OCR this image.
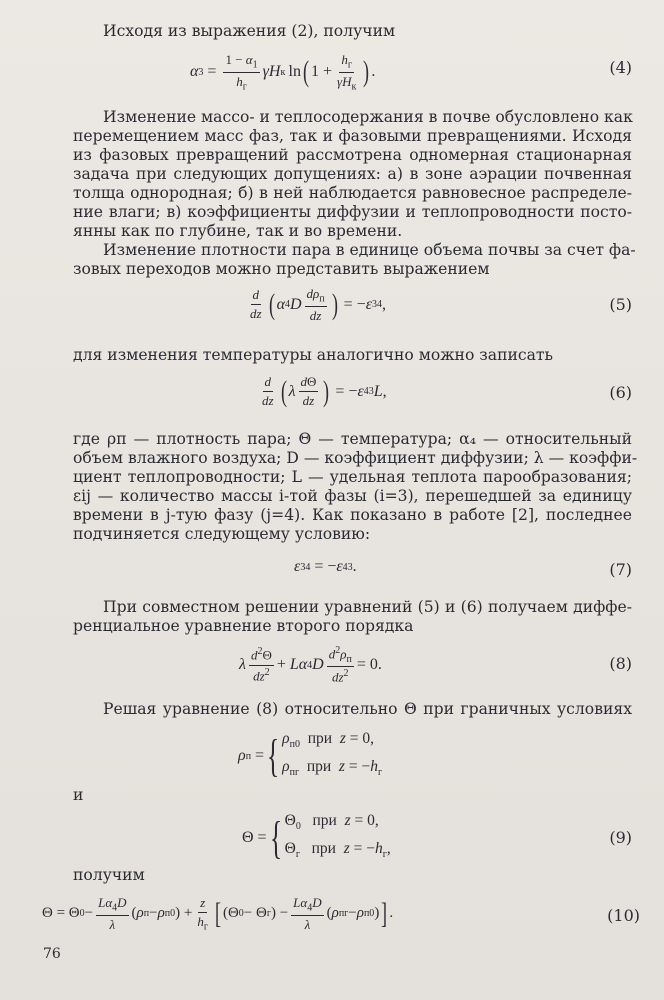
Исходя из выражения (2), получим
α 3 =
$1 - \alpha_1$
$h_г$
γH к  ln ( 1 +
$h_г$
$\gamma H_к$ ) .	(4)
Изменение массо- и теплосодержания в почве обусловлено как
перемещением масс фаз, так и фазовыми превращениями. Исходя
из фазовых превращений рассмотрена одномерная стационарная
задача при следующих допущениях: а) в зоне аэрации почвенная
толща однородная; б) в ней наблюдается равновесное распределе-
ние влаги; в) коэффициенты диффузии и теплопроводности посто-
янны как по глубине, так и во времени.
Изменение плотности пара в единице объема почвы за счет фа-
зовых переходов можно представить выражением
d
dz ( α 4 D
$d\rho_п$
dz ) = − ε 34 ,	(5)
для изменения температуры аналогично можно записать
d
dz ( λ
dΘ
dz ) = − ε 43 L ,	(6)
где ρп — плотность пара; Θ — температура; α₄ — относительный
объем влажного воздуха; D — коэффициент диффузии; λ — коэффи-
циент теплопроводности; L — удельная теплота парообразования;
εij — количество массы i-той фазы (i=3), перешедшей за единицу
времени в j-тую фазу (j=4). Как показано в работе [2], последнее
подчиняется следующему условию:
ε 34 = − ε 43 .	(7)
При совместном решении уравнений (5) и (6) получаем диффе-
ренциальное уравнение второго порядка
λ
$d^2\Theta$
$dz^2 + L\alpha$ 4 D
$d^2\rho_п$
$dz^2$
= 0.	(8)
Решая уравнение (8) относительно Θ при граничных условиях
ρ п = { $\rho_{п0}$  при  z = 0,
$\rho_{пг}$  при  $z = -h_г$
и
Θ = { $\Theta_0$   при  z = 0,
$\Theta_г$   при  $z = -h_г$,
(9)
получим
Θ = Θ 0 −
$L\alpha_4D$
λ
( ρ п − ρ п0 ) +
z
$h_г$ [ (Θ 0 − Θ г ) −
$L\alpha_4D$
λ
( ρ пг − ρ п0 ) ] .	(10)
76
